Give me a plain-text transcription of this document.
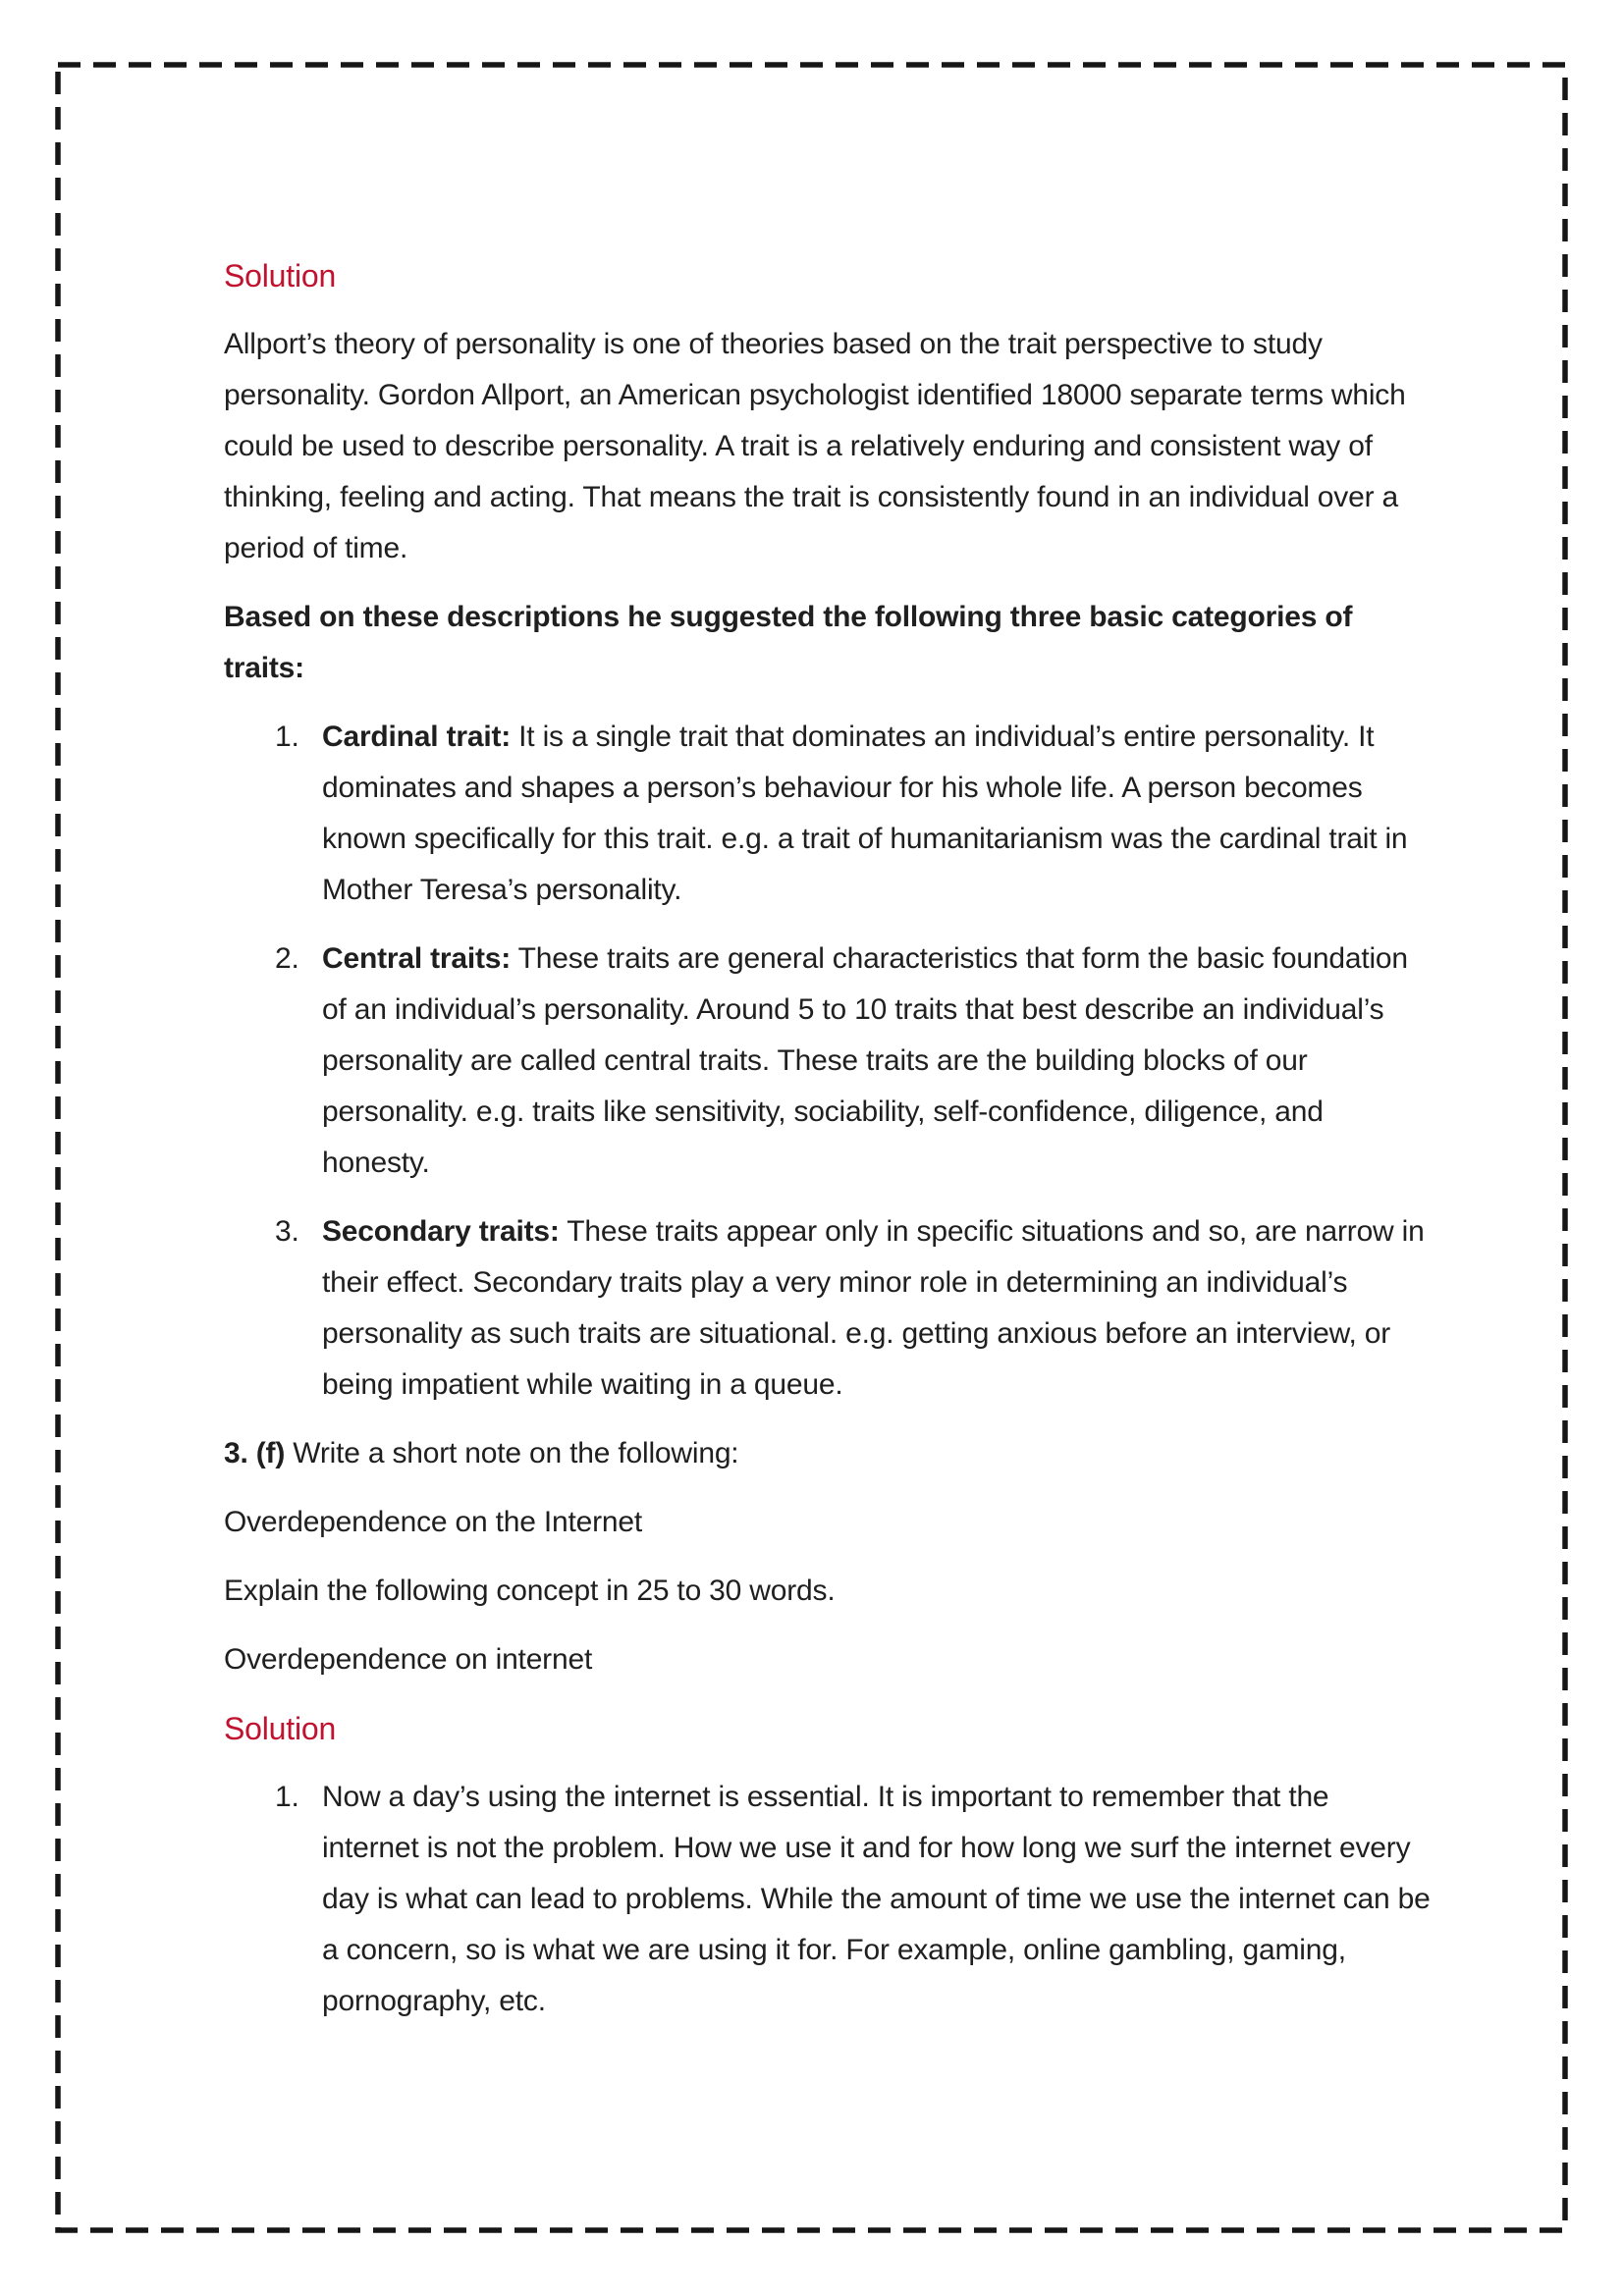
Solution

Allport’s theory of personality is one of theories based on the trait perspective to study personality. Gordon Allport, an American psychologist identified 18000 separate terms which could be used to describe personality. A trait is a relatively enduring and consistent way of thinking, feeling and acting. That means the trait is consistently found in an individual over a period of time.

Based on these descriptions he suggested the following three basic categories of traits:

1. Cardinal trait: It is a single trait that dominates an individual’s entire personality. It dominates and shapes a person’s behaviour for his whole life. A person becomes known specifically for this trait. e.g. a trait of humanitarianism was the cardinal trait in Mother Teresa’s personality.
2. Central traits: These traits are general characteristics that form the basic foundation of an individual’s personality. Around 5 to 10 traits that best describe an individual’s personality are called central traits. These traits are the building blocks of our personality. e.g. traits like sensitivity, sociability, self-confidence, diligence, and honesty.
3. Secondary traits: These traits appear only in specific situations and so, are narrow in their effect. Secondary traits play a very minor role in determining an individual’s personality as such traits are situational. e.g. getting anxious before an interview, or being impatient while waiting in a queue.

3. (f) Write a short note on the following:

Overdependence on the Internet

Explain the following concept in 25 to 30 words.

Overdependence on internet

Solution
1. Now a day’s using the internet is essential. It is important to remember that the internet is not the problem. How we use it and for how long we surf the internet every day is what can lead to problems. While the amount of time we use the internet can be a concern, so is what we are using it for. For example, online gambling, gaming, pornography, etc.
